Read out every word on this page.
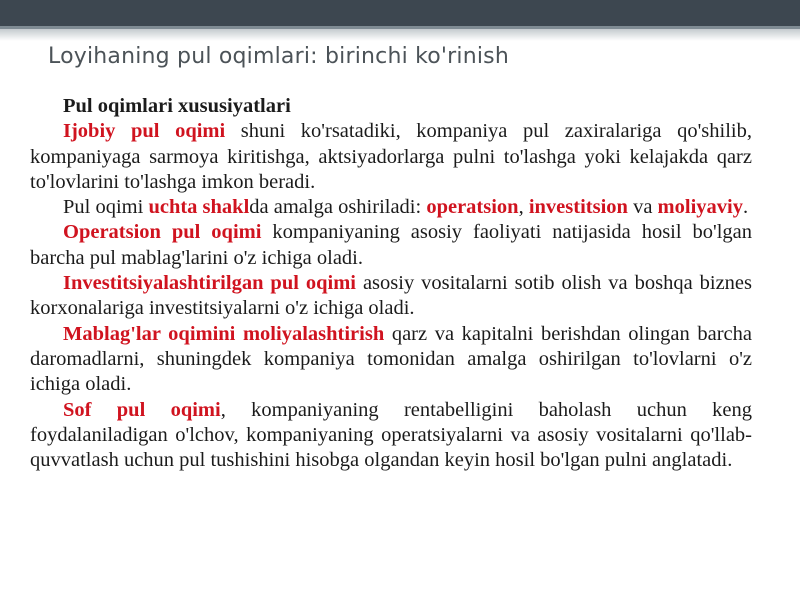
Loyihaning pul oqimlari: birinchi ko'rinish

Pul oqimlari xususiyatlari

Ijobiy pul oqimi shuni ko'rsatadiki, kompaniya pul zaxiralariga qo'shilib, kompaniyaga sarmoya kiritishga, aktsiyadorlarga pulni to'lashga yoki kelajakda qarz to'lovlarini to'lashga imkon beradi.

Pul oqimi uchta shaklda amalga oshiriladi: operatsion, investitsion va moliyaviy.

Operatsion pul oqimi kompaniyaning asosiy faoliyati natijasida hosil bo'lgan barcha pul mablag'larini o'z ichiga oladi.

Investitsiyalashtirilgan pul oqimi asosiy vositalarni sotib olish va boshqa biznes korxonalariga investitsiyalarni o'z ichiga oladi.

Mablag'lar oqimini moliyalashtirish qarz va kapitalni berishdan olingan barcha daromadlarni, shuningdek kompaniya tomonidan amalga oshirilgan to'lovlarni o'z ichiga oladi.

Sof pul oqimi, kompaniyaning rentabelligini baholash uchun keng foydalaniladigan o'lchov, kompaniyaning operatsiyalarni va asosiy vositalarni qo'llab-quvvatlash uchun pul tushishini hisobga olgandan keyin hosil bo'lgan pulni anglatadi.
